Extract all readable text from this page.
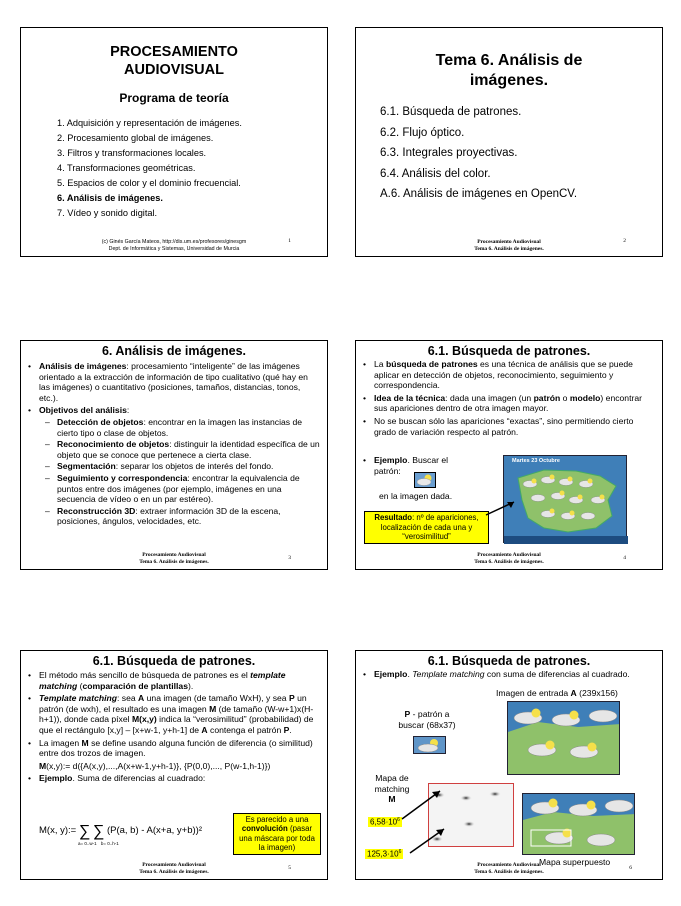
PROCESAMIENTO
AUDIOVISUAL
Programa de teoría
1. Adquisición y representación de imágenes.
2. Procesamiento global de imágenes.
3. Filtros y transformaciones locales.
4. Transformaciones geométricas.
5. Espacios de color y el dominio frecuencial.
6. Análisis de imágenes.
7. Vídeo y sonido digital.
(c) Ginés García Mateos, http://dis.um.es/profesores/ginesgm
Dept. de Informática y Sistemas, Universidad de Murcia
1
Tema 6. Análisis de
imágenes.
6.1. Búsqueda de patrones.
6.2. Flujo óptico.
6.3. Integrales proyectivas.
6.4. Análisis del color.
A.6. Análisis de imágenes en OpenCV.
Procesamiento Audiovisual
Tema 6. Análisis de imágenes.
2
6. Análisis de imágenes.
• Análisis de imágenes: procesamiento “inteligente” de las imágenes orientado a la extracción de información de tipo cualitativo (qué hay en las imágenes) o cuantitativo (posiciones, tamaños, distancias, tonos, etc.).
• Objetivos del análisis:
– Detección de objetos: encontrar en la imagen las instancias de cierto tipo o clase de objetos.
– Reconocimiento de objetos: distinguir la identidad específica de un objeto que se conoce que pertenece a cierta clase.
– Segmentación: separar los objetos de interés del fondo.
– Seguimiento y correspondencia: encontrar la equivalencia de puntos entre dos imágenes (por ejemplo, imágenes en una secuencia de vídeo o en un par estéreo).
– Reconstrucción 3D: extraer información 3D de la escena, posiciones, ángulos, velocidades, etc.
Procesamiento Audiovisual
Tema 6. Análisis de imágenes.
3
6.1. Búsqueda de patrones.
• La búsqueda de patrones es una técnica de análisis que se puede aplicar en detección de objetos, reconocimiento, seguimiento y correspondencia.
• Idea de la técnica: dada una imagen (un patrón o modelo) encontrar sus apariciones dentro de otra imagen mayor.
• No se buscan sólo las apariciones “exactas”, sino permitiendo cierto grado de variación respecto al patrón.
• Ejemplo. Buscar el patrón:
en la imagen dada.
Martes 23 Octubre
Resultado: nº de apariciones, localización de cada una y “verosimilitud”
Procesamiento Audiovisual
Tema 6. Análisis de imágenes.
4
6.1. Búsqueda de patrones.
• El método más sencillo de búsqueda de patrones es el template matching (comparación de plantillas).
• Template matching: sea A una imagen (de tamaño WxH), y sea P un patrón (de wxh), el resultado es una imagen M (de tamaño (W-w+1)x(H-h+1)), donde cada píxel M(x,y) indica la “verosimilitud” (probabilidad) de que el rectángulo [x,y] – [x+w-1, y+h-1] de A contenga el patrón P.
• La imagen M se define usando alguna función de diferencia (o similitud) entre dos trozos de imagen.
M(x,y):= d({A(x,y),...,A(x+w-1,y+h-1)}, {P(0,0),..., P(w-1,h-1)})
• Ejemplo. Suma de diferencias al cuadrado:
M(x, y):= ∑ ∑ (P(a, b) - A(x+a, y+b))²
a= 0..w-1 b= 0..h-1
Es parecido a una convolución (pasar una máscara por toda la imagen)
Procesamiento Audiovisual
Tema 6. Análisis de imágenes.
5
6.1. Búsqueda de patrones.
• Ejemplo. Template matching con suma de diferencias al cuadrado.
Imagen de entrada A (239x156)
P - patrón a buscar (68x37)
Mapa de
matching
M
$6,58\cdot 10^6$
$125,3\cdot 10^6$
Mapa superpuesto
Procesamiento Audiovisual
Tema 6. Análisis de imágenes.
6
